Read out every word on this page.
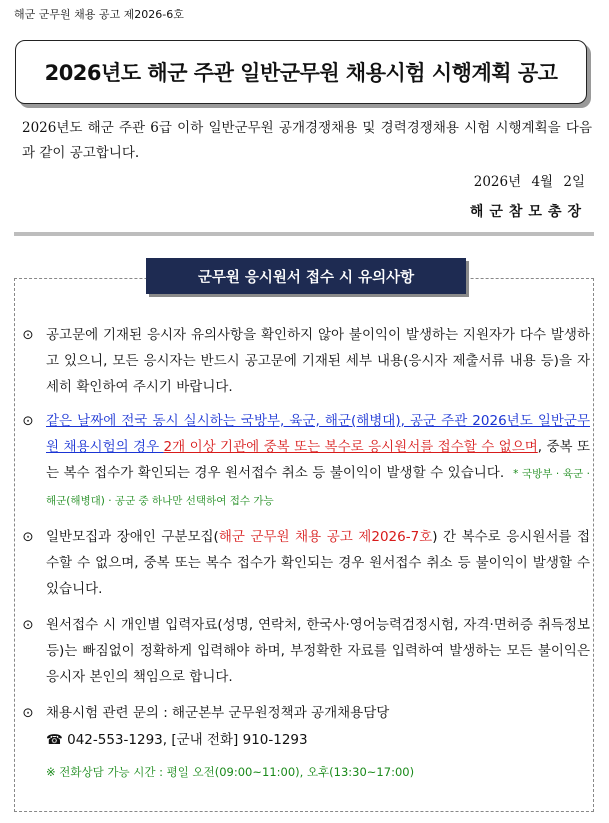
해군 군무원 채용 공고 제2026-6호
2026년도 해군 주관 일반군무원 채용시험 시행계획 공고
2026년도 해군 주관 6급 이하 일반군무원 공개경쟁채용 및 경력경쟁채용 시험 시행계획을 다음과 같이 공고합니다.
2026년 4월 2일
해군참모총장
군무원 응시원서 접수 시 유의사항
⊙ 공고문에 기재된 응시자 유의사항을 확인하지 않아 불이익이 발생하는 지원자가 다수 발생하고 있으니, 모든 응시자는 반드시 공고문에 기재된 세부 내용(응시자 제출서류 내용 등)을 자세히 확인하여 주시기 바랍니다.
⊙ 같은 날짜에 전국 동시 실시하는 국방부, 육군, 해군(해병대), 공군 주관 2026년도 일반군무원 채용시험의 경우 2개 이상 기관에 중복 또는 복수로 응시원서를 접수할 수 없으며, 중복 또는 복수 접수가 확인되는 경우 원서접수 취소 등 불이익이 발생할 수 있습니다. * 국방부 · 육군 · 해군(해병대) · 공군 중 하나만 선택하여 접수 가능
⊙ 일반모집과 장애인 구분모집(해군 군무원 채용 공고 제2026-7호) 간 복수로 응시원서를 접수할 수 없으며, 중복 또는 복수 접수가 확인되는 경우 원서접수 취소 등 불이익이 발생할 수 있습니다.
⊙ 원서접수 시 개인별 입력자료(성명, 연락처, 한국사·영어능력검정시험, 자격·면허증 취득정보 등)는 빠짐없이 정확하게 입력해야 하며, 부정확한 자료를 입력하여 발생하는 모든 불이익은 응시자 본인의 책임으로 합니다.
⊙ 채용시험 관련 문의 : 해군본부 군무원정책과 공개채용담당
☎ 042-553-1293, [군내 전화] 910-1293
※ 전화상담 가능 시간 : 평일 오전(09:00~11:00), 오후(13:30~17:00)
